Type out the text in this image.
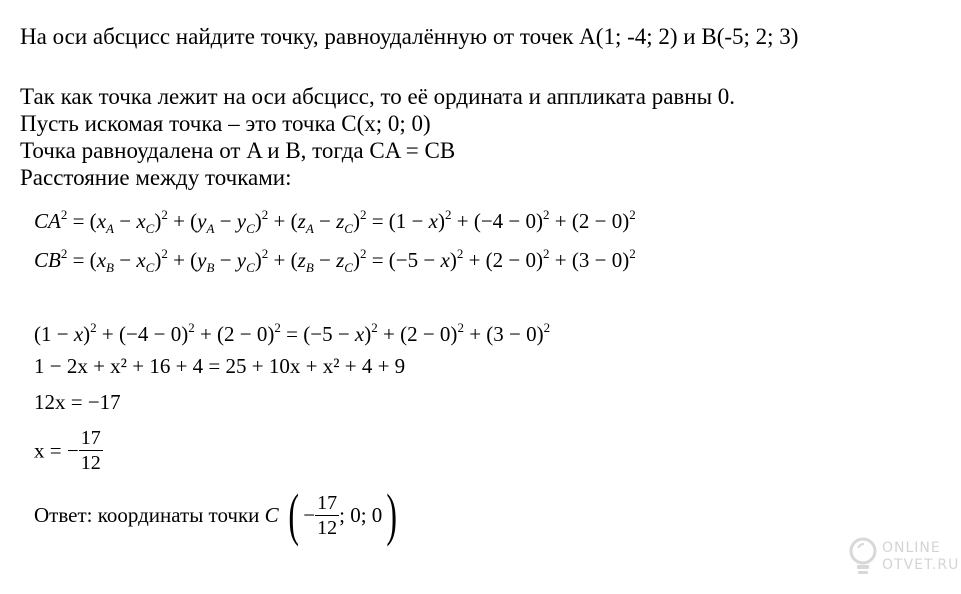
На оси абсцисс найдите точку, равноудалённую от точек A(1; -4; 2) и B(-5; 2; 3)
Так как точка лежит на оси абсцисс, то её ордината и аппликата равны 0.
Пусть искомая точка – это точка C(x; 0; 0)
Точка равноудалена от A и B, тогда CA = CB
Расстояние между точками:
$CA^2 = (x_A - x_C)^2 + (y_A - y_C)^2 + (z_A - z_C)^2 = (1 - x)^2 + (-4 - 0)^2 + (2 - 0)^2$
$CB^2 = (x_B - x_C)^2 + (y_B - y_C)^2 + (z_B - z_C)^2 = (-5 - x)^2 + (2 - 0)^2 + (3 - 0)^2$
$(1 - x)^2 + (-4 - 0)^2 + (2 - 0)^2 = (-5 - x)^2 + (2 - 0)^2 + (3 - 0)^2$
1 − 2x + x² + 16 + 4 = 25 + 10x + x² + 4 + 9
12x = −17
x = − $\frac{17}{12}$
Ответ: координаты точки C ( − $\frac{17}{12}$ ; 0; 0)
ONLINE
OTVET.RU
